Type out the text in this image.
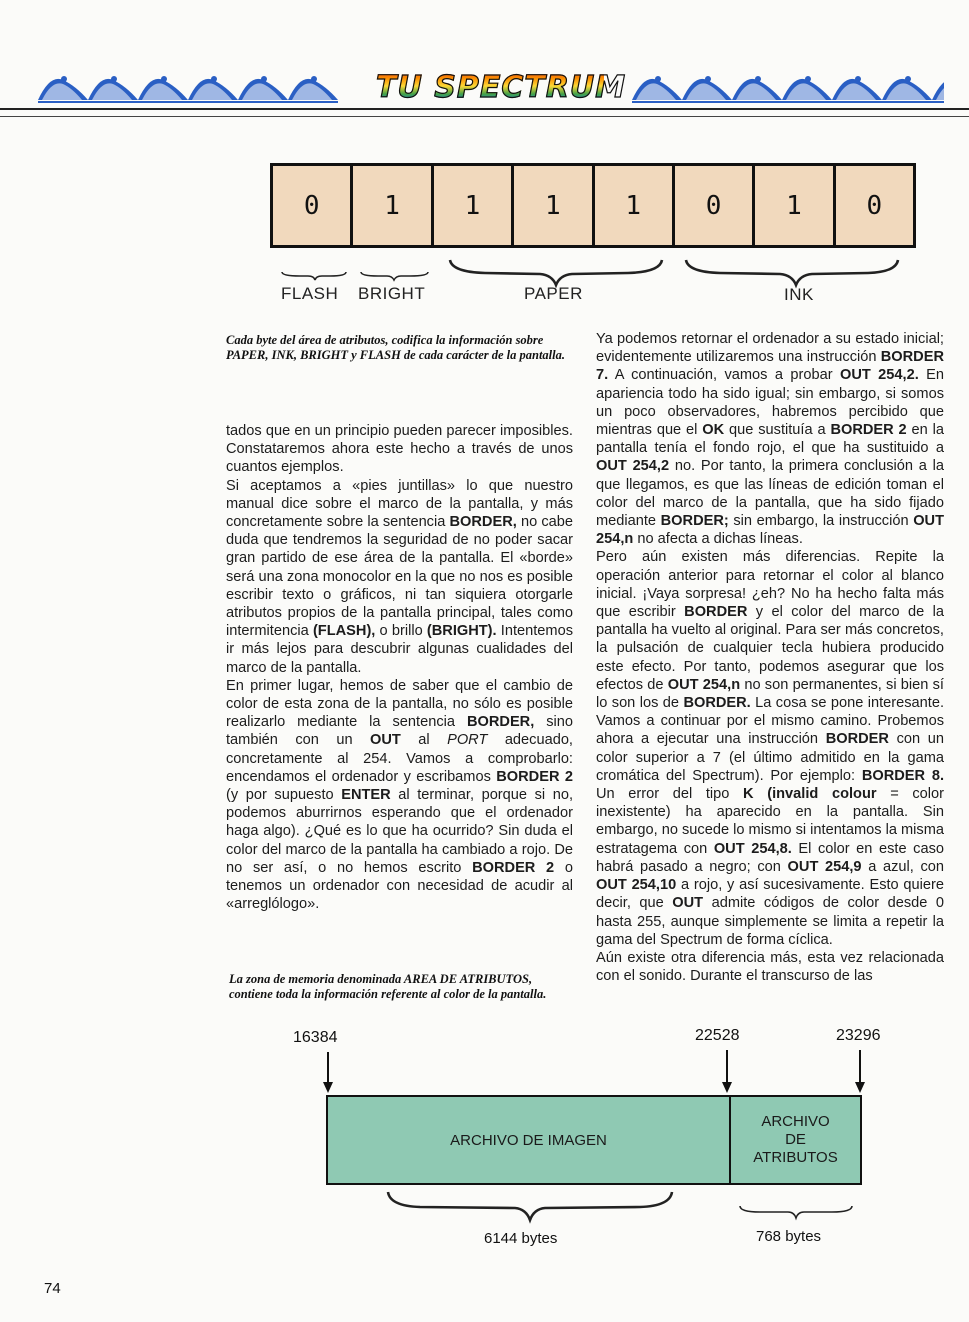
TU SPECTRUM
0	1	1	1	1	0	1	0
FLASH BRIGHT	PAPER	INK
Cada byte del área de atributos, codifica la información sobre PAPER, INK, BRIGHT y FLASH de cada carácter de la pantalla.

tados que en un principio pueden parecer imposibles. Constataremos ahora este hecho a través de unos cuantos ejemplos.

Si aceptamos a «pies juntillas» lo que nuestro manual dice sobre el marco de la pantalla, y más concretamente sobre la sentencia BORDER, no cabe duda que tendremos la seguridad de no poder sacar gran partido de ese área de la pantalla. El «borde» será una zona monocolor en la que no nos es posible escribir texto o gráficos, ni tan siquiera otorgarle atributos propios de la pantalla principal, tales como intermitencia (FLASH), o brillo (BRIGHT). Intentemos ir más lejos para descubrir algunas cualidades del marco de la pantalla.

En primer lugar, hemos de saber que el cambio de color de esta zona de la pantalla, no sólo es posible realizarlo mediante la sentencia BORDER, sino también con un OUT al PORT adecuado, concretamente al 254. Vamos a comprobarlo: encendamos el ordenador y escribamos BORDER 2 (y por supuesto ENTER al terminar, porque si no, podemos aburrirnos esperando que el ordenador haga algo). ¿Qué es lo que ha ocurrido? Sin duda el color del marco de la pantalla ha cambiado a rojo. De no ser así, o no hemos escrito BORDER 2 o tenemos un ordenador con necesidad de acudir al «arreglólogo».

Ya podemos retornar el ordenador a su estado inicial; evidentemente utilizaremos una instrucción BORDER 7. A continuación, vamos a probar OUT 254,2. En apariencia todo ha sido igual; sin embargo, si somos un poco observadores, habremos percibido que mientras que el OK que sustituía a BORDER 2 en la pantalla tenía el fondo rojo, el que ha sustituido a OUT 254,2 no. Por tanto, la primera conclusión a la que llegamos, es que las líneas de edición toman el color del marco de la pantalla, que ha sido fijado mediante BORDER; sin embargo, la instrucción OUT 254,n no afecta a dichas líneas.

Pero aún existen más diferencias. Repite la operación anterior para retornar el color al blanco inicial. ¡Vaya sorpresa! ¿eh? No ha hecho falta más que escribir BORDER y el color del marco de la pantalla ha vuelto al original. Para ser más concretos, la pulsación de cualquier tecla hubiera producido este efecto. Por tanto, podemos asegurar que los efectos de OUT 254,n no son permanentes, si bien sí lo son los de BORDER. La cosa se pone interesante. Vamos a continuar por el mismo camino. Probemos ahora a ejecutar una instrucción BORDER con un color superior a 7 (el último admitido en la gama cromática del Spectrum). Por ejemplo: BORDER 8. Un error del tipo K (invalid colour = color inexistente) ha aparecido en la pantalla. Sin embargo, no sucede lo mismo si intentamos la misma estratagema con OUT 254,8. El color en este caso habrá pasado a negro; con OUT 254,9 a azul, con OUT 254,10 a rojo, y así sucesivamente. Esto quiere decir, que OUT admite códigos de color desde 0 hasta 255, aunque simplemente se limita a repetir la gama del Spectrum de forma cíclica.

Aún existe otra diferencia más, esta vez relacionada con el sonido. Durante el transcurso de las

La zona de memoria denominada AREA DE ATRIBUTOS, contiene toda la información referente al color de la pantalla.
16384	22528	23296
ARCHIVO DE IMAGEN
ARCHIVO
DE
ATRIBUTOS
6144 bytes	768 bytes
74
